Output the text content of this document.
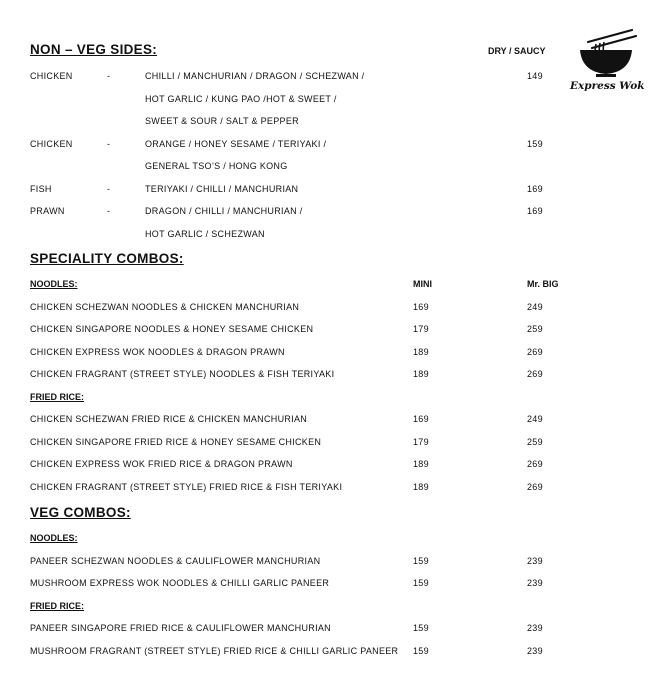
Express Wok
NON – VEG SIDES:	DRY / SAUCY
CHICKEN	-	CHILLI / MANCHURIAN / DRAGON / SCHEZWAN /
HOT GARLIC / KUNG PAO /HOT & SWEET /
SWEET & SOUR / SALT & PEPPER
149
CHICKEN	-	ORANGE / HONEY SESAME / TERIYAKI /
GENERAL TSO’S / HONG KONG
159
FISH	-	TERIYAKI / CHILLI / MANCHURIAN	169
PRAWN	-	DRAGON / CHILLI / MANCHURIAN /
HOT GARLIC / SCHEZWAN
169
SPECIALITY COMBOS:
NOODLES:	MINI	Mr. BIG
CHICKEN SCHEZWAN NOODLES & CHICKEN MANCHURIAN	169	249
CHICKEN SINGAPORE NOODLES & HONEY SESAME CHICKEN	179	259
CHICKEN EXPRESS WOK NOODLES & DRAGON PRAWN	189	269
CHICKEN FRAGRANT (STREET STYLE) NOODLES & FISH TERIYAKI	189	269
FRIED RICE:
CHICKEN SCHEZWAN FRIED RICE & CHICKEN MANCHURIAN	169	249
CHICKEN SINGAPORE FRIED RICE & HONEY SESAME CHICKEN	179	259
CHICKEN EXPRESS WOK FRIED RICE & DRAGON PRAWN	189	269
CHICKEN FRAGRANT (STREET STYLE) FRIED RICE & FISH TERIYAKI	189	269
VEG COMBOS:
NOODLES:
PANEER SCHEZWAN NOODLES & CAULIFLOWER MANCHURIAN	159	239
MUSHROOM EXPRESS WOK NOODLES & CHILLI GARLIC PANEER	159	239
FRIED RICE:
PANEER SINGAPORE FRIED RICE & CAULIFLOWER MANCHURIAN	159	239
MUSHROOM FRAGRANT (STREET STYLE) FRIED RICE & CHILLI GARLIC PANEER 159	239
